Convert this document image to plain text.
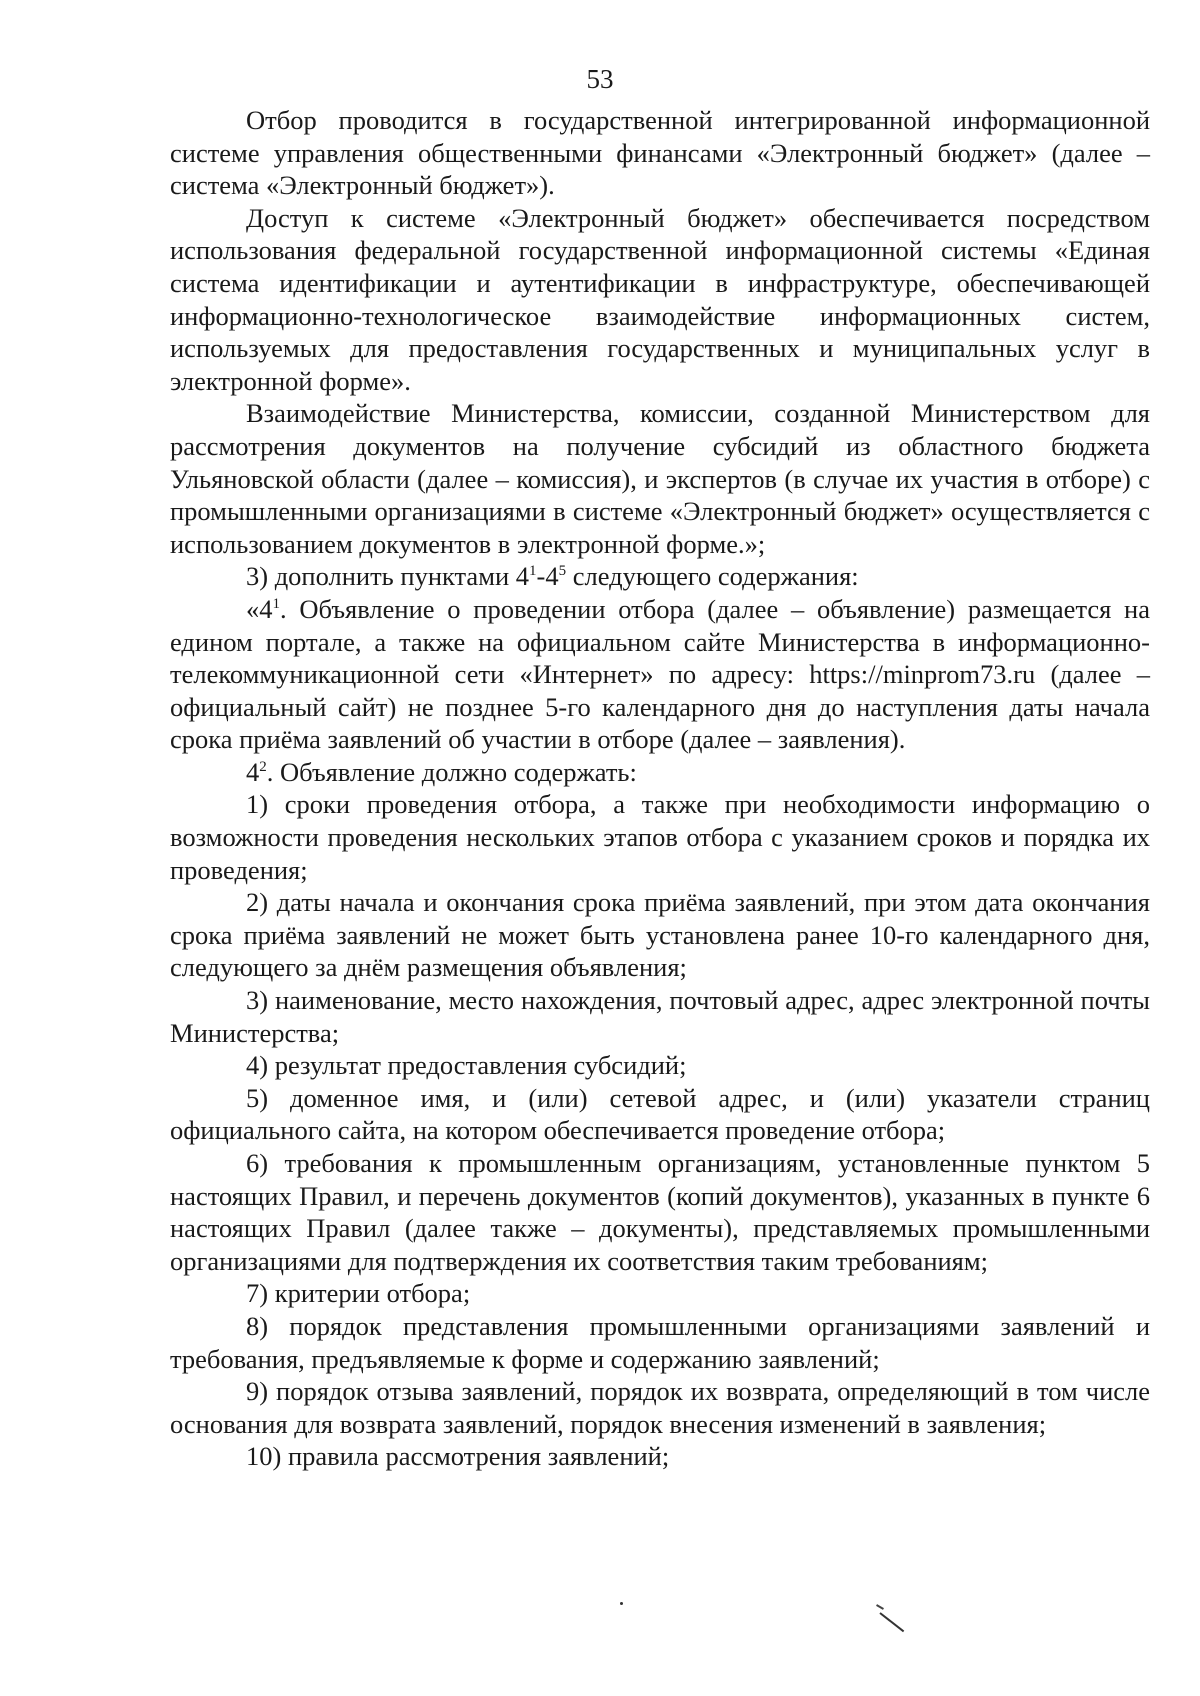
53

Отбор проводится в государственной интегрированной информационной системе управления общественными финансами «Электронный бюджет» (далее – система «Электронный бюджет»).

Доступ к системе «Электронный бюджет» обеспечивается посредством использования федеральной государственной информационной системы «Единая система идентификации и аутентификации в инфраструктуре, обеспечивающей информационно-технологическое взаимодействие информационных систем, используемых для предоставления государственных и муниципальных услуг в электронной форме».

Взаимодействие Министерства, комиссии, созданной Министерством для рассмотрения документов на получение субсидий из областного бюджета Ульяновской области (далее – комиссия), и экспертов (в случае их участия в отборе) с промышленными организациями в системе «Электронный бюджет» осуществляется с использованием документов в электронной форме.»;

3) дополнить пунктами $4^1-4^5$ следующего содержания:

«$4^1$. Объявление о проведении отбора (далее – объявление) размещается на едином портале, а также на официальном сайте Министерства в информационно-телекоммуникационной сети «Интернет» по адресу: https://minprom73.ru (далее – официальный сайт) не позднее 5-го календарного дня до наступления даты начала срока приёма заявлений об участии в отборе (далее – заявления).

$4^2$. Объявление должно содержать:

1) сроки проведения отбора, а также при необходимости информацию о возможности проведения нескольких этапов отбора с указанием сроков и порядка их проведения;

2) даты начала и окончания срока приёма заявлений, при этом дата окончания срока приёма заявлений не может быть установлена ранее 10-го календарного дня, следующего за днём размещения объявления;

3) наименование, место нахождения, почтовый адрес, адрес электронной почты Министерства;

4) результат предоставления субсидий;

5) доменное имя, и (или) сетевой адрес, и (или) указатели страниц официального сайта, на котором обеспечивается проведение отбора;

6) требования к промышленным организациям, установленные пунктом 5 настоящих Правил, и перечень документов (копий документов), указанных в пункте 6 настоящих Правил (далее также – документы), представляемых промышленными организациями для подтверждения их соответствия таким требованиям;

7) критерии отбора;

8) порядок представления промышленными организациями заявлений и требования, предъявляемые к форме и содержанию заявлений;

9) порядок отзыва заявлений, порядок их возврата, определяющий в том числе основания для возврата заявлений, порядок внесения изменений в заявления;

10) правила рассмотрения заявлений;
